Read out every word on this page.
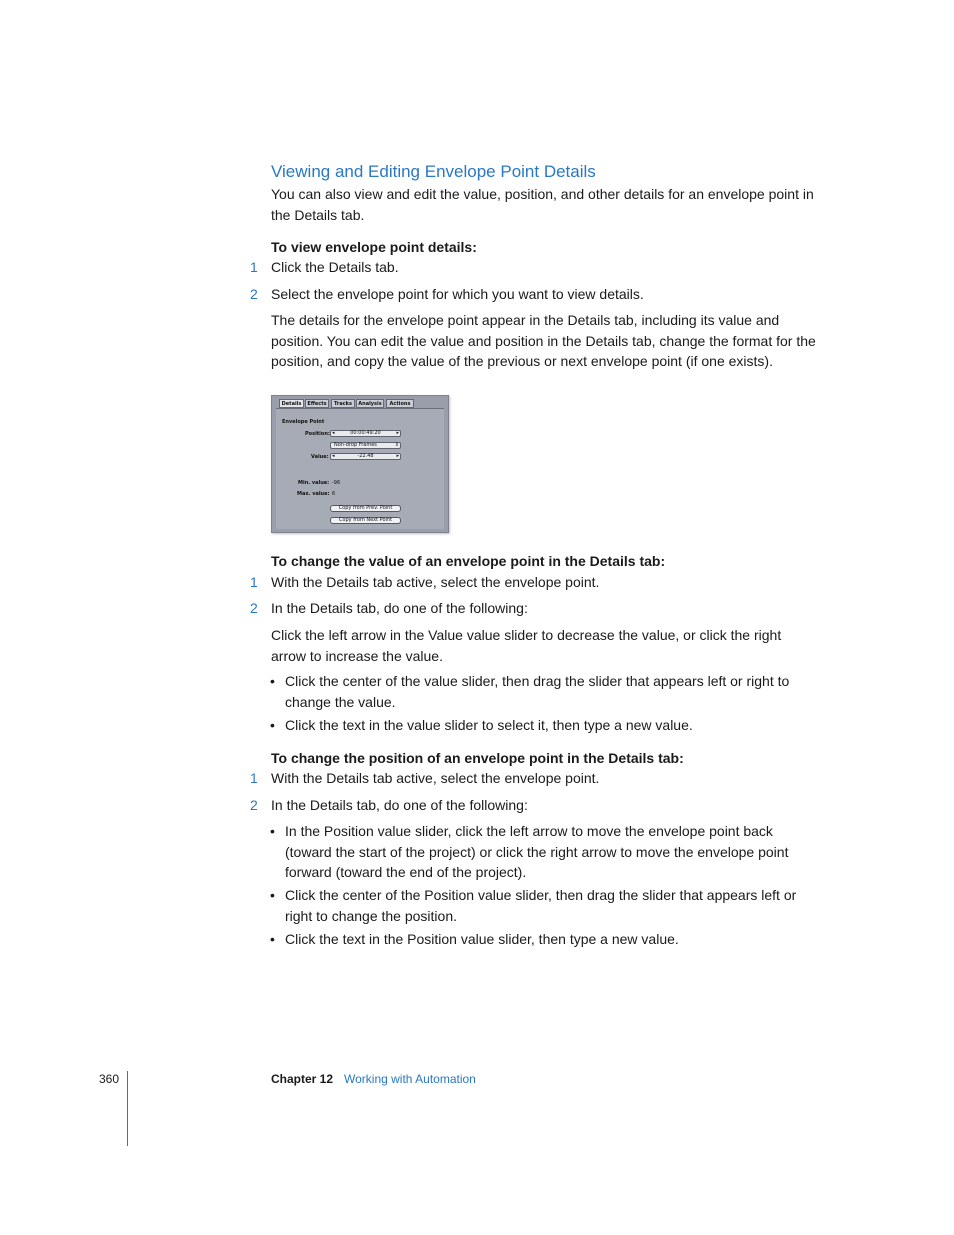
Viewing and Editing Envelope Point Details
You can also view and edit the value, position, and other details for an envelope point in the Details tab.
To view envelope point details:
1 Click the Details tab.
2 Select the envelope point for which you want to view details.
The details for the envelope point appear in the Details tab, including its value and position. You can edit the value and position in the Details tab, change the format for the position, and copy the value of the previous or next envelope point (if one exists).
Details	Effects	Tracks	Analysis	Actions
Envelope Point
Position: ◂	00:00:49:20	▸
Non-drop Frames	⇕
Value: ◂	-22.48	▸
Min. value: -96
Max. value: 6
Copy from Prev. Point
Copy from Next Point
To change the value of an envelope point in the Details tab:
1 With the Details tab active, select the envelope point.
2 In the Details tab, do one of the following:
Click the left arrow in the Value value slider to decrease the value, or click the right arrow to increase the value.
• Click the center of the value slider, then drag the slider that appears left or right to change the value.
• Click the text in the value slider to select it, then type a new value.
To change the position of an envelope point in the Details tab:
1 With the Details tab active, select the envelope point.
2 In the Details tab, do one of the following:
• In the Position value slider, click the left arrow to move the envelope point back (toward the start of the project) or click the right arrow to move the envelope point forward (toward the end of the project).
• Click the center of the Position value slider, then drag the slider that appears left or right to change the position.
• Click the text in the Position value slider, then type a new value.
360	Chapter 12 Working with Automation
